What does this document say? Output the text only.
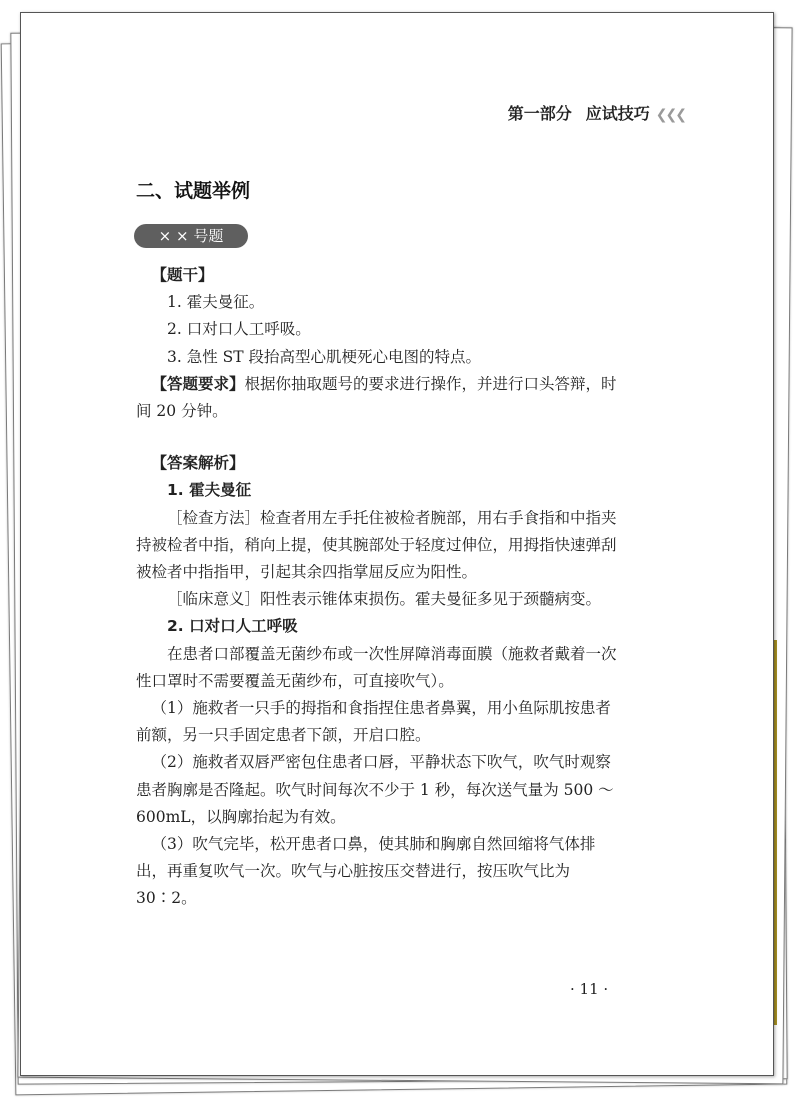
第一部分 应试技巧 ❮❮❮
二、试题举例
× × 号题

【题干】

1. 霍夫曼征。

2. 口对口人工呼吸。

3. 急性 ST 段抬高型心肌梗死心电图的特点。

【答题要求】根据你抽取题号的要求进行操作，并进行口头答辩，时间 20 分钟。

【答案解析】

1. 霍夫曼征

［检查方法］检查者用左手托住被检者腕部，用右手食指和中指夹持被检者中指，稍向上提，使其腕部处于轻度过伸位，用拇指快速弹刮被检者中指指甲，引起其余四指掌屈反应为阳性。

［临床意义］阳性表示锥体束损伤。霍夫曼征多见于颈髓病变。

2. 口对口人工呼吸

在患者口部覆盖无菌纱布或一次性屏障消毒面膜（施救者戴着一次性口罩时不需要覆盖无菌纱布，可直接吹气）。

（1）施救者一只手的拇指和食指捏住患者鼻翼，用小鱼际肌按患者前额，另一只手固定患者下颌，开启口腔。

（2）施救者双唇严密包住患者口唇，平静状态下吹气，吹气时观察患者胸廓是否隆起。吹气时间每次不少于 1 秒，每次送气量为 500 ～ 600mL，以胸廓抬起为有效。

（3）吹气完毕，松开患者口鼻，使其肺和胸廓自然回缩将气体排出，再重复吹气一次。吹气与心脏按压交替进行，按压吹气比为 30∶2。

· 11 ·
